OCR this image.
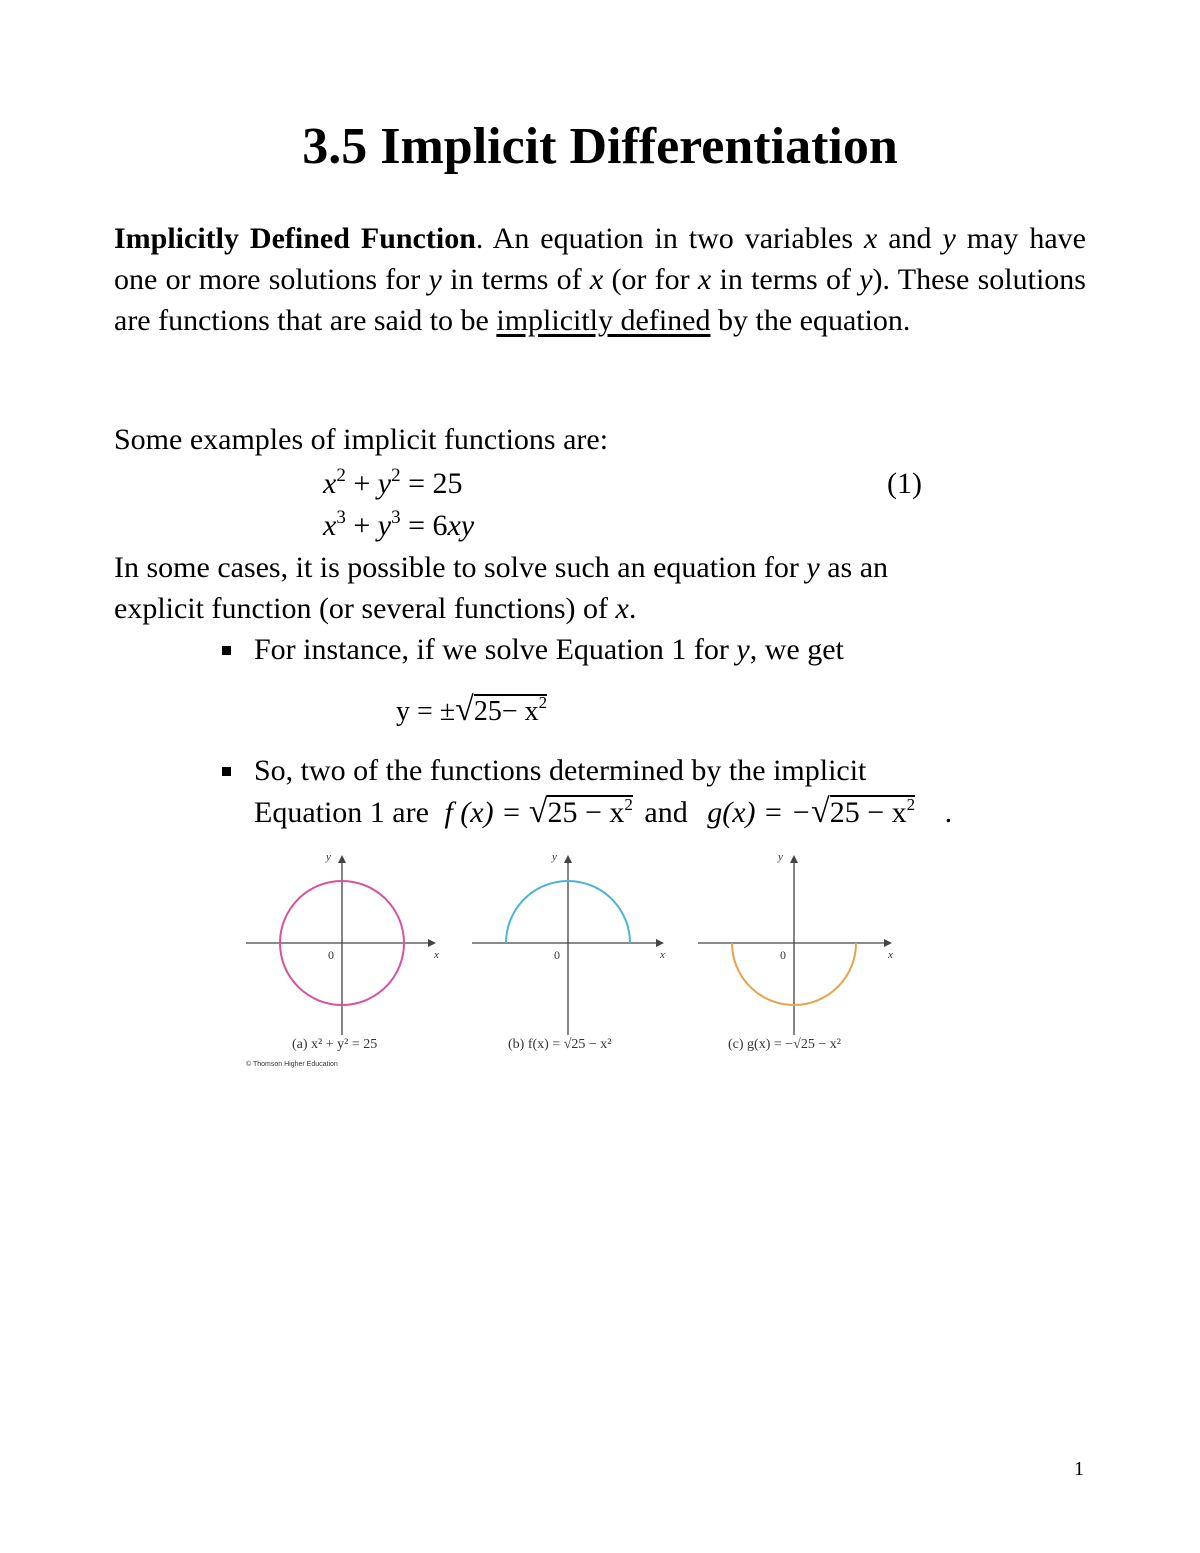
3.5 Implicit Differentiation
Implicitly Defined Function. An equation in two variables x and y may have one or more solutions for y in terms of x (or for x in terms of y). These solutions are functions that are said to be implicitly defined by the equation.
Some examples of implicit functions are:
$x^2 + y^2 = 25$	(1)
$x^3 + y^3 = 6xy$
In some cases, it is possible to solve such an equation for y as an
explicit function (or several functions) of x.
For instance, if we solve Equation 1 for y, we get
$y = \pm√25- x^2$
So, two of the functions determined by the implicit
Equation 1 are f $(x) = √25 - x^2$ and $g(x) = -√25 - x^2$ .
y
x
0
y
x
0
y
x
0
(a) x² + y² = 25	(b) f(x) = √25 − x²	(c) g(x) = −√25 − x²
© Thomson Higher Education
1
